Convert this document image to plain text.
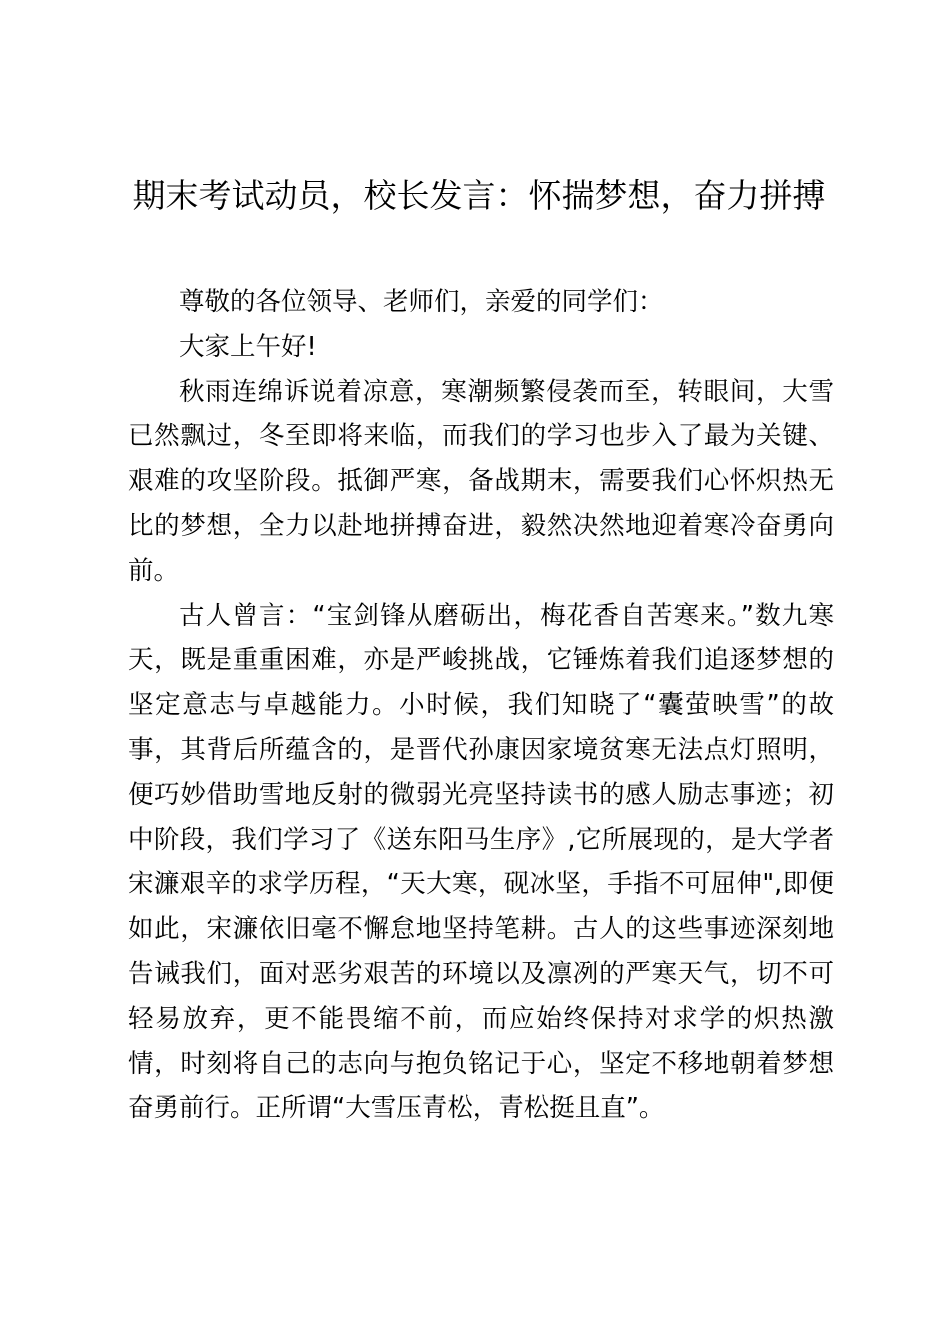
期末考试动员，校长发言：怀揣梦想，奋力拼搏

尊敬的各位领导、老师们，亲爱的同学们：

大家上午好!

秋雨连绵诉说着凉意，寒潮频繁侵袭而至，转眼间，大雪已然飘过，冬至即将来临，而我们的学习也步入了最为关键、艰难的攻坚阶段。抵御严寒，备战期末，需要我们心怀炽热无比的梦想，全力以赴地拼搏奋进，毅然决然地迎着寒冷奋勇向前。

古人曾言：“宝剑锋从磨砺出，梅花香自苦寒来。”数九寒天，既是重重困难，亦是严峻挑战，它锤炼着我们追逐梦想的坚定意志与卓越能力。小时候，我们知晓了“囊萤映雪”的故事，其背后所蕴含的，是晋代孙康因家境贫寒无法点灯照明，便巧妙借助雪地反射的微弱光亮坚持读书的感人励志事迹；初中阶段，我们学习了《送东阳马生序》,它所展现的，是大学者宋濂艰辛的求学历程，“天大寒，砚冰坚，手指不可屈伸",即便如此，宋濂依旧毫不懈怠地坚持笔耕。古人的这些事迹深刻地告诫我们，面对恶劣艰苦的环境以及凛冽的严寒天气，切不可轻易放弃，更不能畏缩不前，而应始终保持对求学的炽热激情，时刻将自己的志向与抱负铭记于心，坚定不移地朝着梦想奋勇前行。正所谓“大雪压青松，青松挺且直”。
